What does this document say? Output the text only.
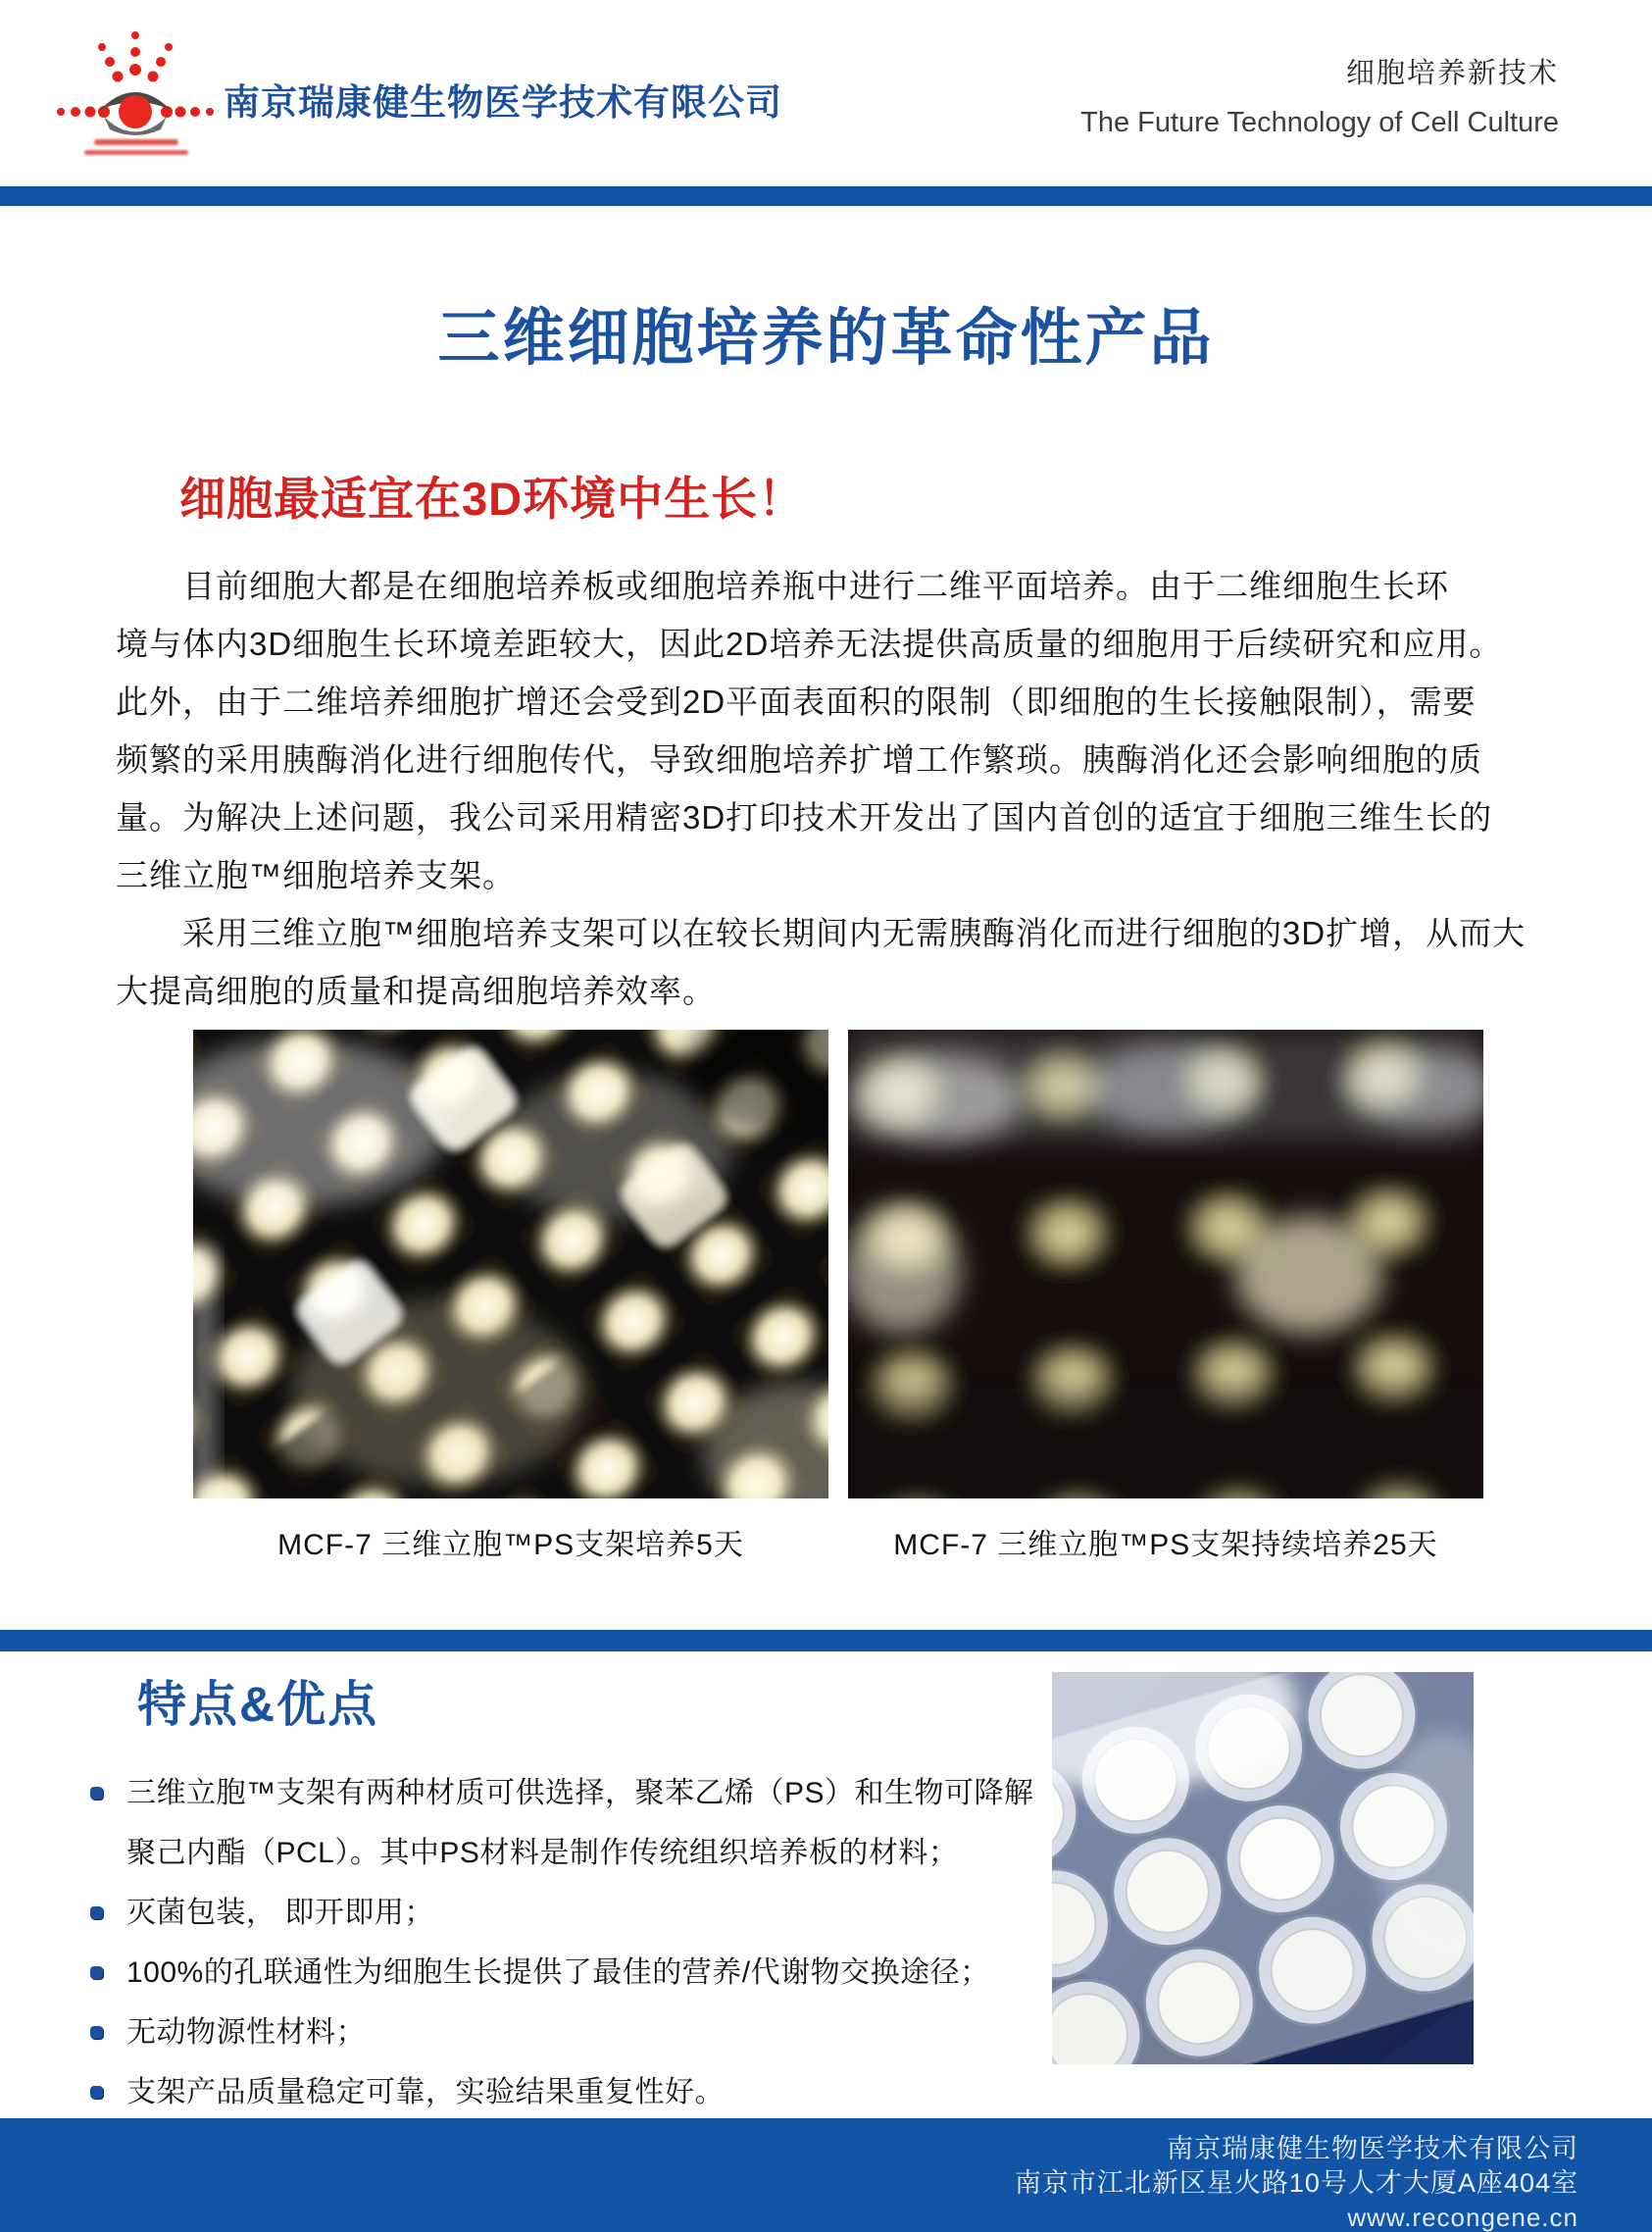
南京瑞康健生物医学技术有限公司
细胞培养新技术
The Future Technology of Cell Culture
三维细胞培养的革命性产品
细胞最适宜在3D环境中生长！
　　目前细胞大都是在细胞培养板或细胞培养瓶中进行二维平面培养。由于二维细胞生长环
境与体内3D细胞生长环境差距较大，因此2D培养无法提供高质量的细胞用于后续研究和应用。
此外，由于二维培养细胞扩增还会受到2D平面表面积的限制（即细胞的生长接触限制），需要
频繁的采用胰酶消化进行细胞传代，导致细胞培养扩增工作繁琐。胰酶消化还会影响细胞的质
量。为解决上述问题，我公司采用精密3D打印技术开发出了国内首创的适宜于细胞三维生长的
三维立胞™细胞培养支架。
　　采用三维立胞™细胞培养支架可以在较长期间内无需胰酶消化而进行细胞的3D扩增，从而大
大提高细胞的质量和提高细胞培养效率。
MCF-7 三维立胞™PS支架培养5天	MCF-7 三维立胞™PS支架持续培养25天
特点&优点
三维立胞™支架有两种材质可供选择，聚苯乙烯（PS）和生物可降解
聚己内酯（PCL）。其中PS材料是制作传统组织培养板的材料；
灭菌包装， 即开即用；
100%的孔联通性为细胞生长提供了最佳的营养/代谢物交换途径；
无动物源性材料；
支架产品质量稳定可靠，实验结果重复性好。
南京瑞康健生物医学技术有限公司
南京市江北新区星火路10号人才大厦A座404室
www.recongene.cn
